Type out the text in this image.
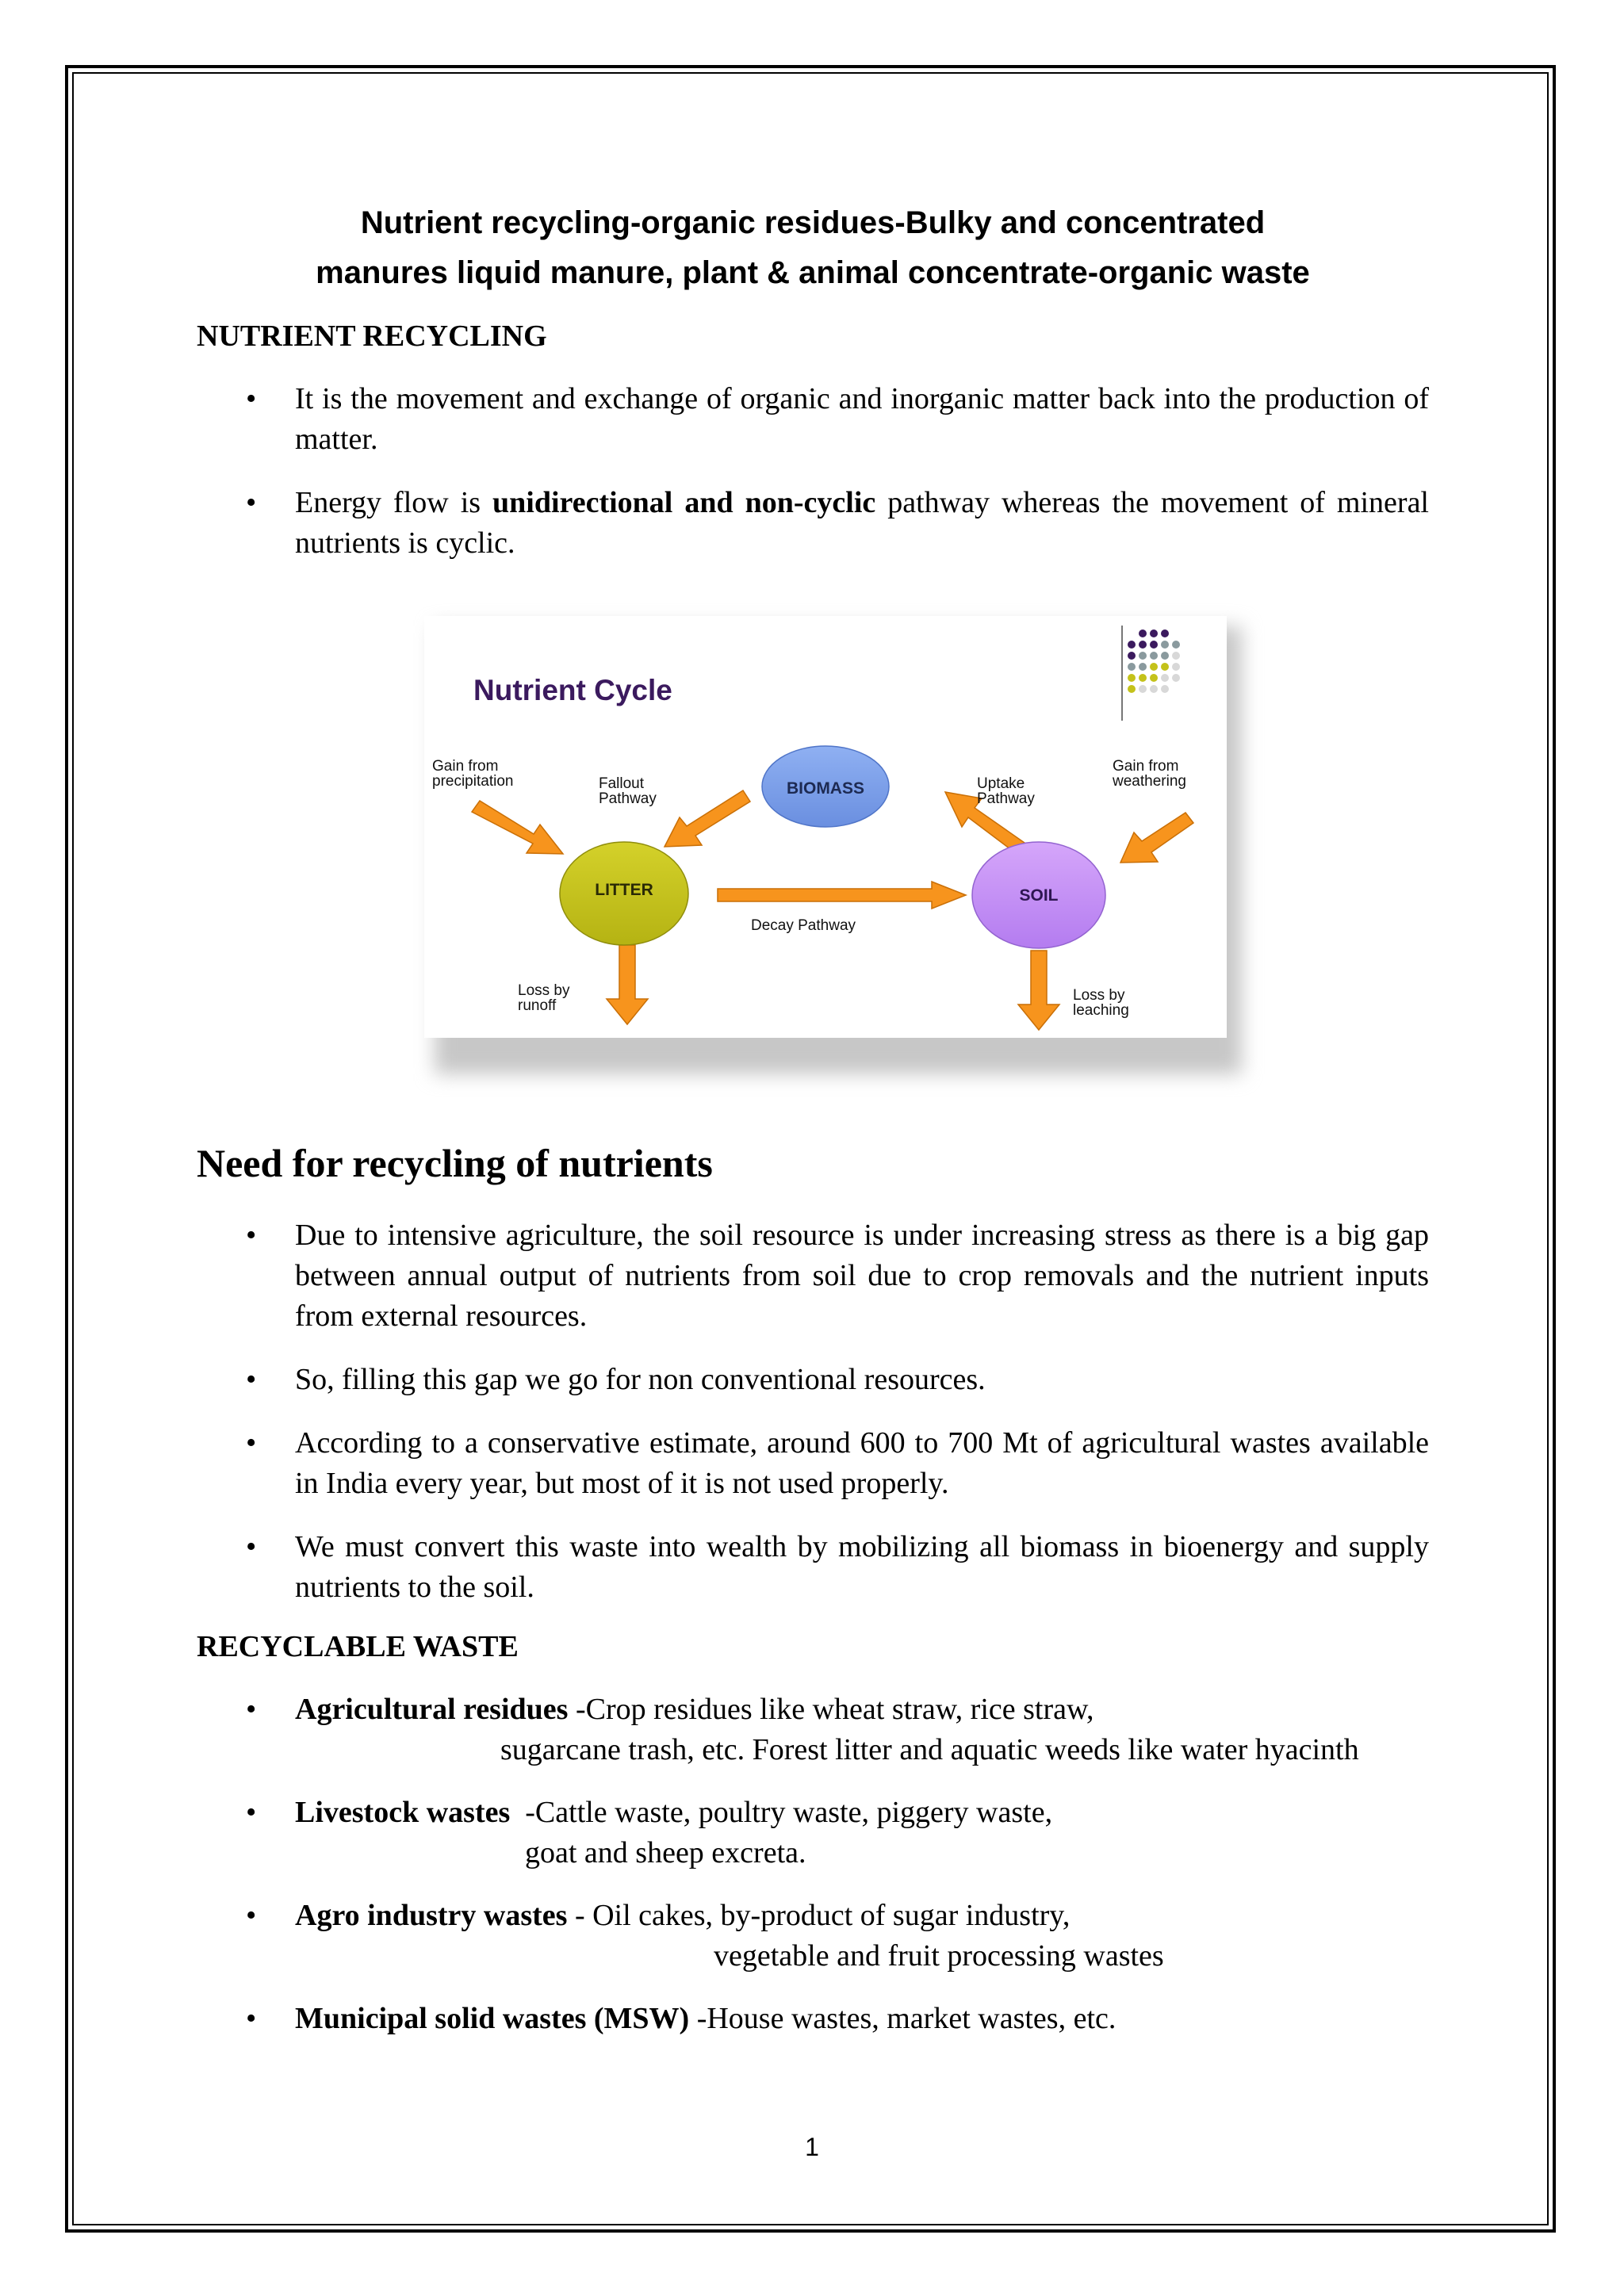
Nutrient recycling-organic residues-Bulky and concentrated
manures liquid manure, plant & animal concentrate-organic waste
NUTRIENT RECYCLING
• It is the movement and exchange of organic and inorganic matter back into the production of matter.
• Energy flow is unidirectional and non-cyclic pathway whereas the movement of mineral nutrients is cyclic.
Nutrient Cycle
BIOMASS
LITTER	SOIL
Gain from
precipitation	Fallout
Pathway
Uptake
Pathway
Gain from
weathering
Decay Pathway
Loss by
runoff
Loss by
leaching
Need for recycling of nutrients
• Due to intensive agriculture, the soil resource is under increasing stress as there is a big gap between annual output of nutrients from soil due to crop removals and the nutrient inputs from external resources.
• So, filling this gap we go for non conventional resources.
• According to a conservative estimate, around 600 to 700 Mt of agricultural wastes available in India every year, but most of it is not used properly.
• We must convert this waste into wealth by mobilizing all biomass in bioenergy and supply nutrients to the soil.
RECYCLABLE WASTE
• Agricultural residues -Crop residues like wheat straw, rice straw,
sugarcane trash, etc. Forest litter and aquatic weeds like water hyacinth
• Livestock wastes  -Cattle waste, poultry waste, piggery waste,
goat and sheep excreta.
• Agro industry wastes - Oil cakes, by-product of sugar industry,
vegetable and fruit processing wastes
• Municipal solid wastes (MSW) -House wastes, market wastes, etc.
1
